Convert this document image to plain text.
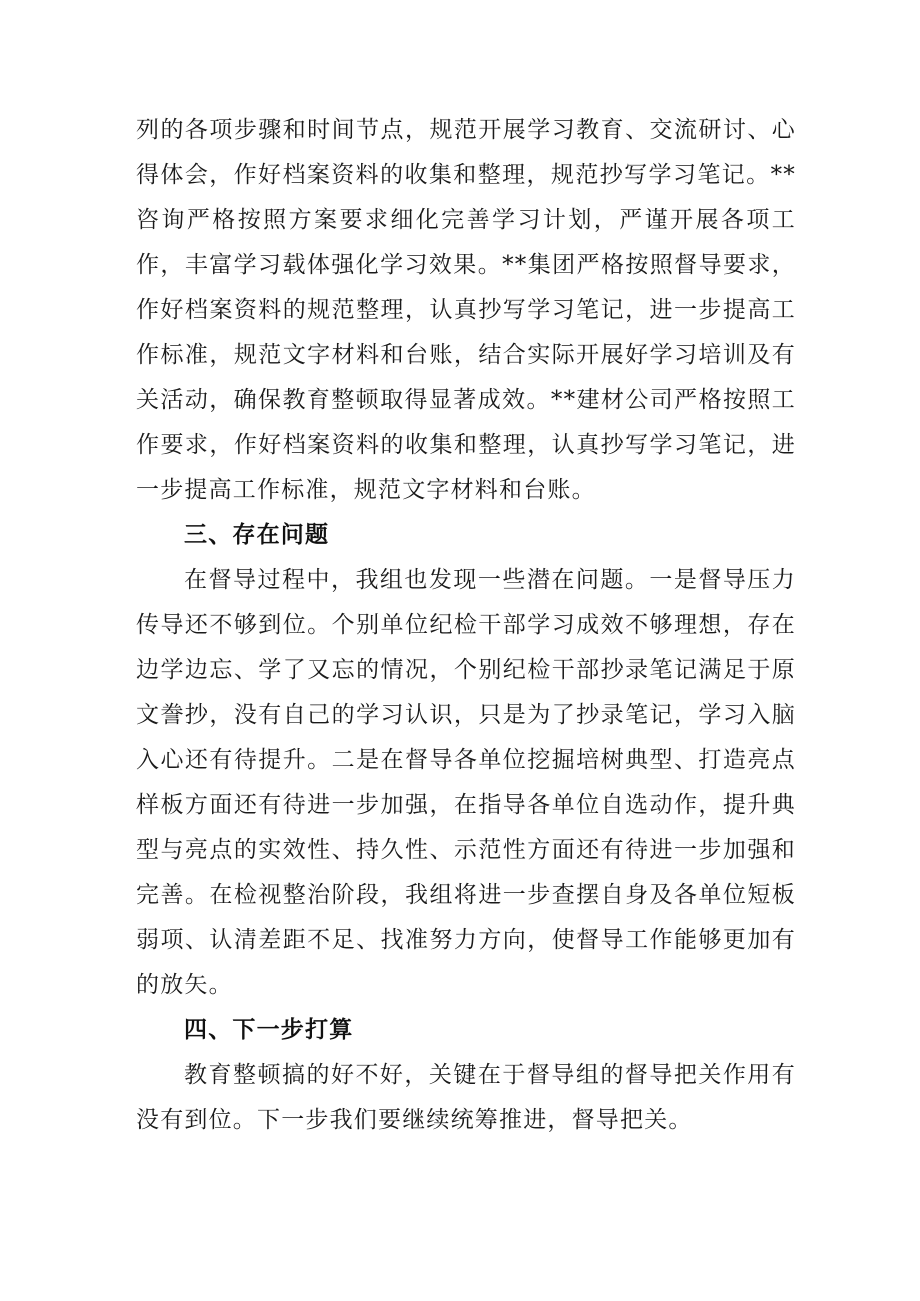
列的各项步骤和时间节点，规范开展学习教育、交流研讨、心得体会，作好档案资料的收集和整理，规范抄写学习笔记。**咨询严格按照方案要求细化完善学习计划，严谨开展各项工作，丰富学习载体强化学习效果。**集团严格按照督导要求，作好档案资料的规范整理，认真抄写学习笔记，进一步提高工作标准，规范文字材料和台账，结合实际开展好学习培训及有关活动，确保教育整顿取得显著成效。**建材公司严格按照工作要求，作好档案资料的收集和整理，认真抄写学习笔记，进一步提高工作标准，规范文字材料和台账。

三、存在问题

在督导过程中，我组也发现一些潜在问题。一是督导压力传导还不够到位。个别单位纪检干部学习成效不够理想，存在边学边忘、学了又忘的情况，个别纪检干部抄录笔记满足于原文誊抄，没有自己的学习认识，只是为了抄录笔记，学习入脑入心还有待提升。二是在督导各单位挖掘培树典型、打造亮点样板方面还有待进一步加强，在指导各单位自选动作，提升典型与亮点的实效性、持久性、示范性方面还有待进一步加强和完善。在检视整治阶段，我组将进一步查摆自身及各单位短板弱项、认清差距不足、找准努力方向，使督导工作能够更加有的放矢。

四、下一步打算

教育整顿搞的好不好，关键在于督导组的督导把关作用有没有到位。下一步我们要继续统筹推进，督导把关。
